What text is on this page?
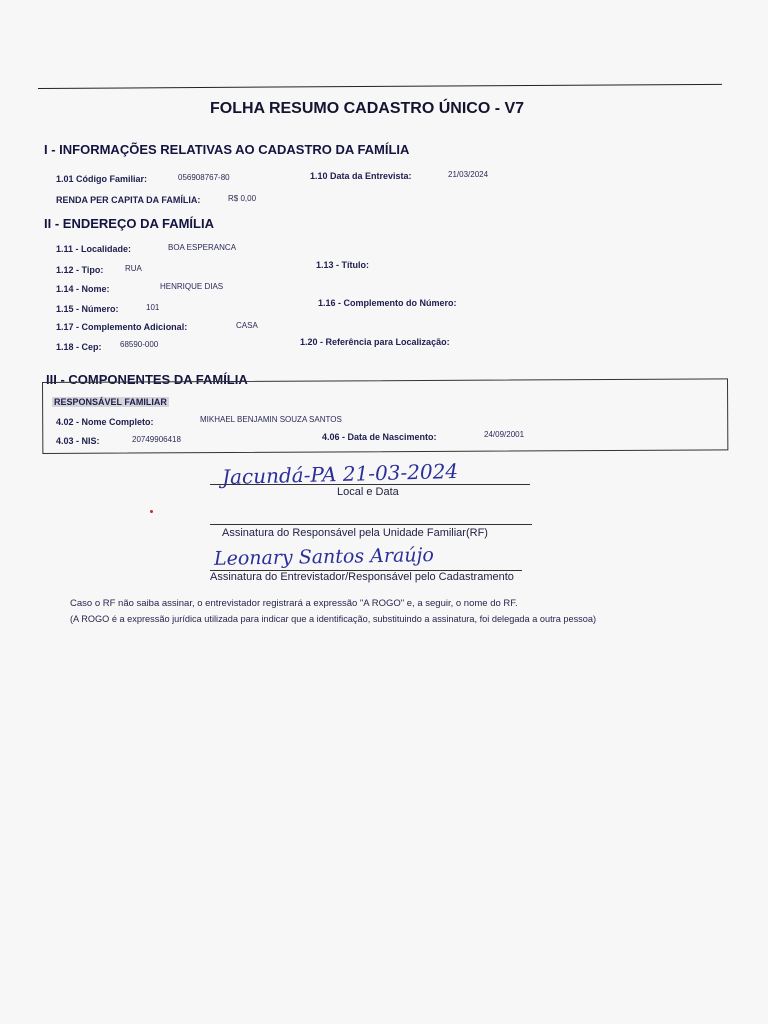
FOLHA RESUMO CADASTRO ÚNICO - V7
I - INFORMAÇÕES RELATIVAS AO CADASTRO DA FAMÍLIA
1.01 Código Familiar:	056908767-80	1.10 Data da Entrevista:	21/03/2024
RENDA PER CAPITA DA FAMÍLIA:	R$ 0,00
II - ENDEREÇO DA FAMÍLIA
1.11 - Localidade:	BOA ESPERANCA
1.12 - Tipo:	RUA	1.13 - Título:
1.14 - Nome:	HENRIQUE DIAS
1.15 - Número:	101	1.16 - Complemento do Número:
1.17 - Complemento Adicional:	CASA
1.18 - Cep: 68590-000	1.20 - Referência para Localização:
III - COMPONENTES DA FAMÍLIA
RESPONSÁVEL FAMILIAR
4.02 - Nome Completo:	MIKHAEL BENJAMIN SOUZA SANTOS
4.03 - NIS:	20749906418	4.06 - Data de Nascimento:	24/09/2001
Jacundá-PA 21-03-2024
Local e Data
Assinatura do Responsável pela Unidade Familiar(RF)
Leonary Santos Araújo
Assinatura do Entrevistador/Responsável pelo Cadastramento
Caso o RF não saiba assinar, o entrevistador registrará a expressão "A ROGO" e, a seguir, o nome do RF.
(A ROGO é a expressão jurídica utilizada para indicar que a identificação, substituindo a assinatura, foi delegada a outra pessoa)
